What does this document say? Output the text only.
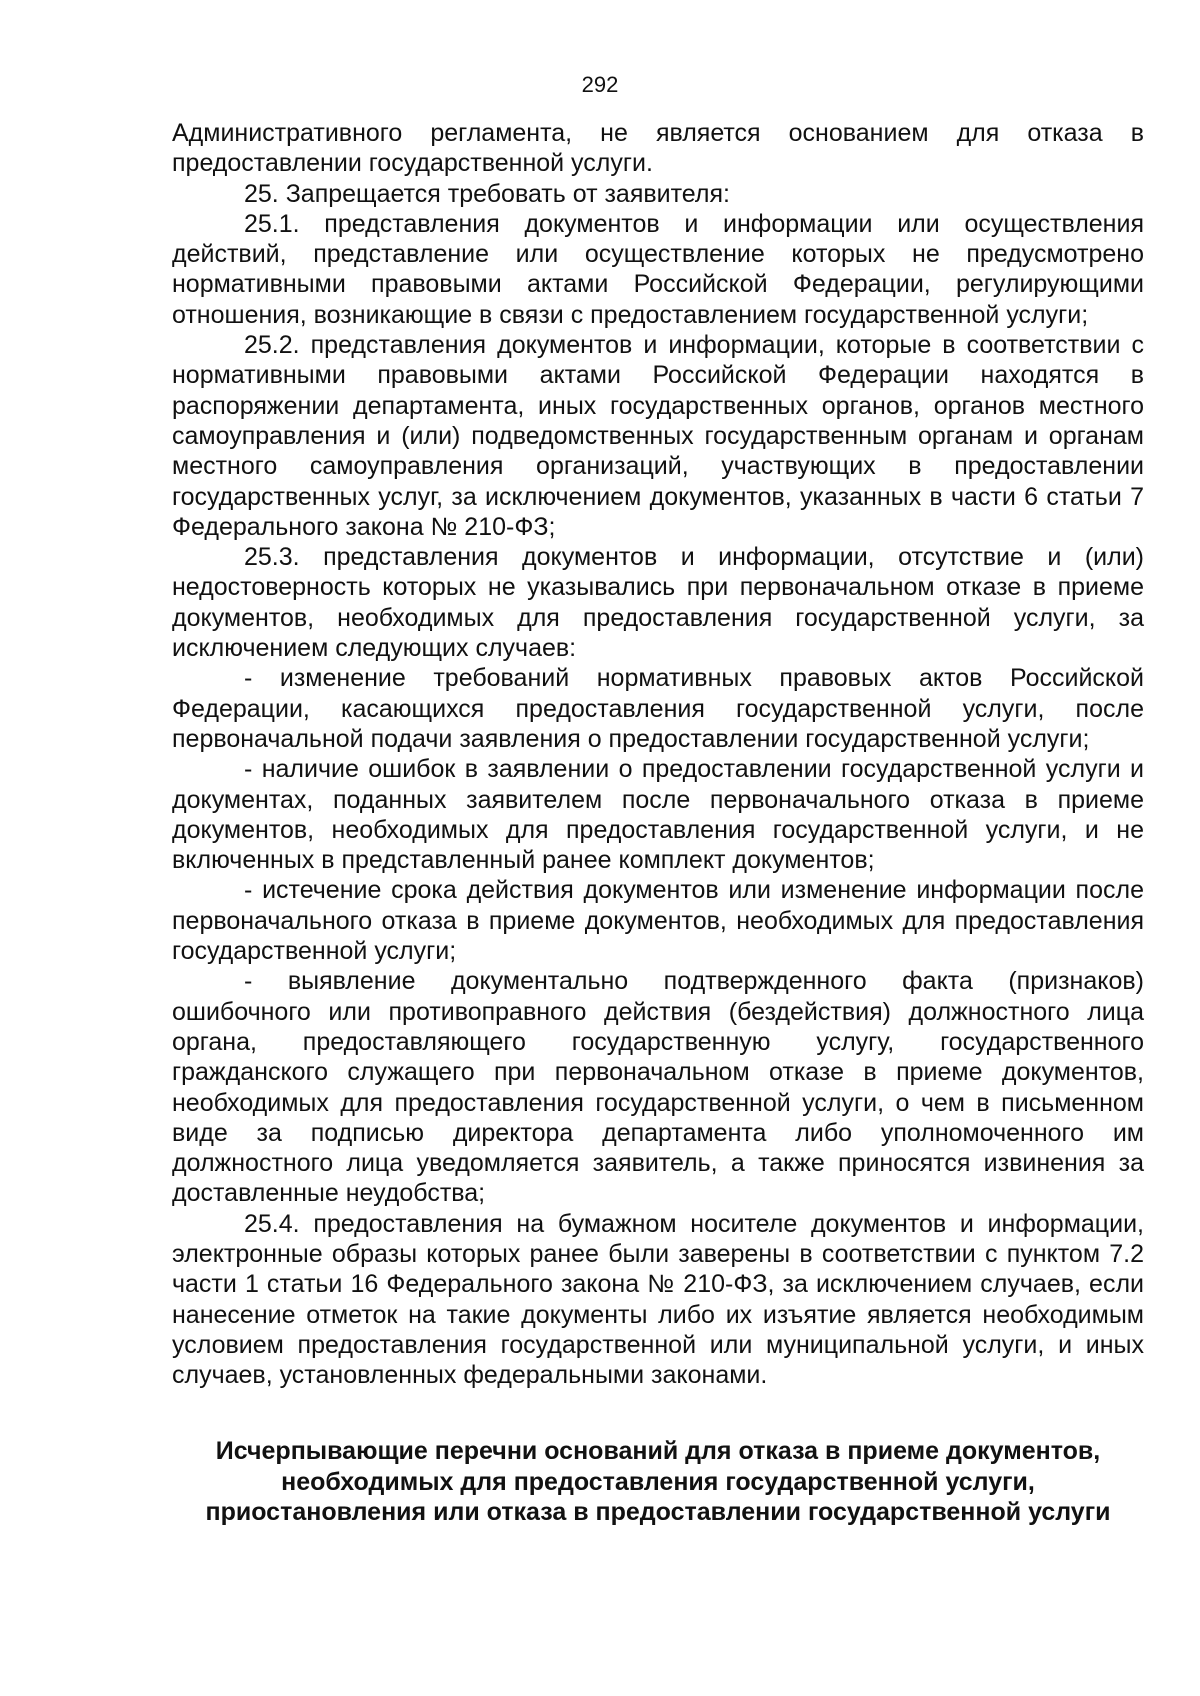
292

Административного регламента, не является основанием для отказа в предоставлении государственной услуги.

25. Запрещается требовать от заявителя:

25.1. представления документов и информации или осуществления действий, представление или осуществление которых не предусмотрено нормативными правовыми актами Российской Федерации, регулирующими отношения, возникающие в связи с предоставлением государственной услуги;

25.2. представления документов и информации, которые в соответствии с нормативными правовыми актами Российской Федерации находятся в распоряжении департамента, иных государственных органов, органов местного самоуправления и (или) подведомственных государственным органам и органам местного самоуправления организаций, участвующих в предоставлении государственных услуг, за исключением документов, указанных в части 6 статьи 7 Федерального закона № 210-ФЗ;

25.3. представления документов и информации, отсутствие и (или) недостоверность которых не указывались при первоначальном отказе в приеме документов, необходимых для предоставления государственной услуги, за исключением следующих случаев:

- изменение требований нормативных правовых актов Российской Федерации, касающихся предоставления государственной услуги, после первоначальной подачи заявления о предоставлении государственной услуги;

- наличие ошибок в заявлении о предоставлении государственной услуги и документах, поданных заявителем после первоначального отказа в приеме документов, необходимых для предоставления государственной услуги, и не включенных в представленный ранее комплект документов;

- истечение срока действия документов или изменение информации после первоначального отказа в приеме документов, необходимых для предоставления государственной услуги;

- выявление документально подтвержденного факта (признаков) ошибочного или противоправного действия (бездействия) должностного лица органа, предоставляющего государственную услугу, государственного гражданского служащего при первоначальном отказе в приеме документов, необходимых для предоставления государственной услуги, о чем в письменном виде за подписью директора департамента либо уполномоченного им должностного лица уведомляется заявитель, а также приносятся извинения за доставленные неудобства;

25.4. предоставления на бумажном носителе документов и информации, электронные образы которых ранее были заверены в соответствии с пунктом 7.2 части 1 статьи 16 Федерального закона № 210-ФЗ, за исключением случаев, если нанесение отметок на такие документы либо их изъятие является необходимым условием предоставления государственной или муниципальной услуги, и иных случаев, установленных федеральными законами.

Исчерпывающие перечни оснований для отказа в приеме документов,
необходимых для предоставления государственной услуги,
приостановления или отказа в предоставлении государственной услуги
